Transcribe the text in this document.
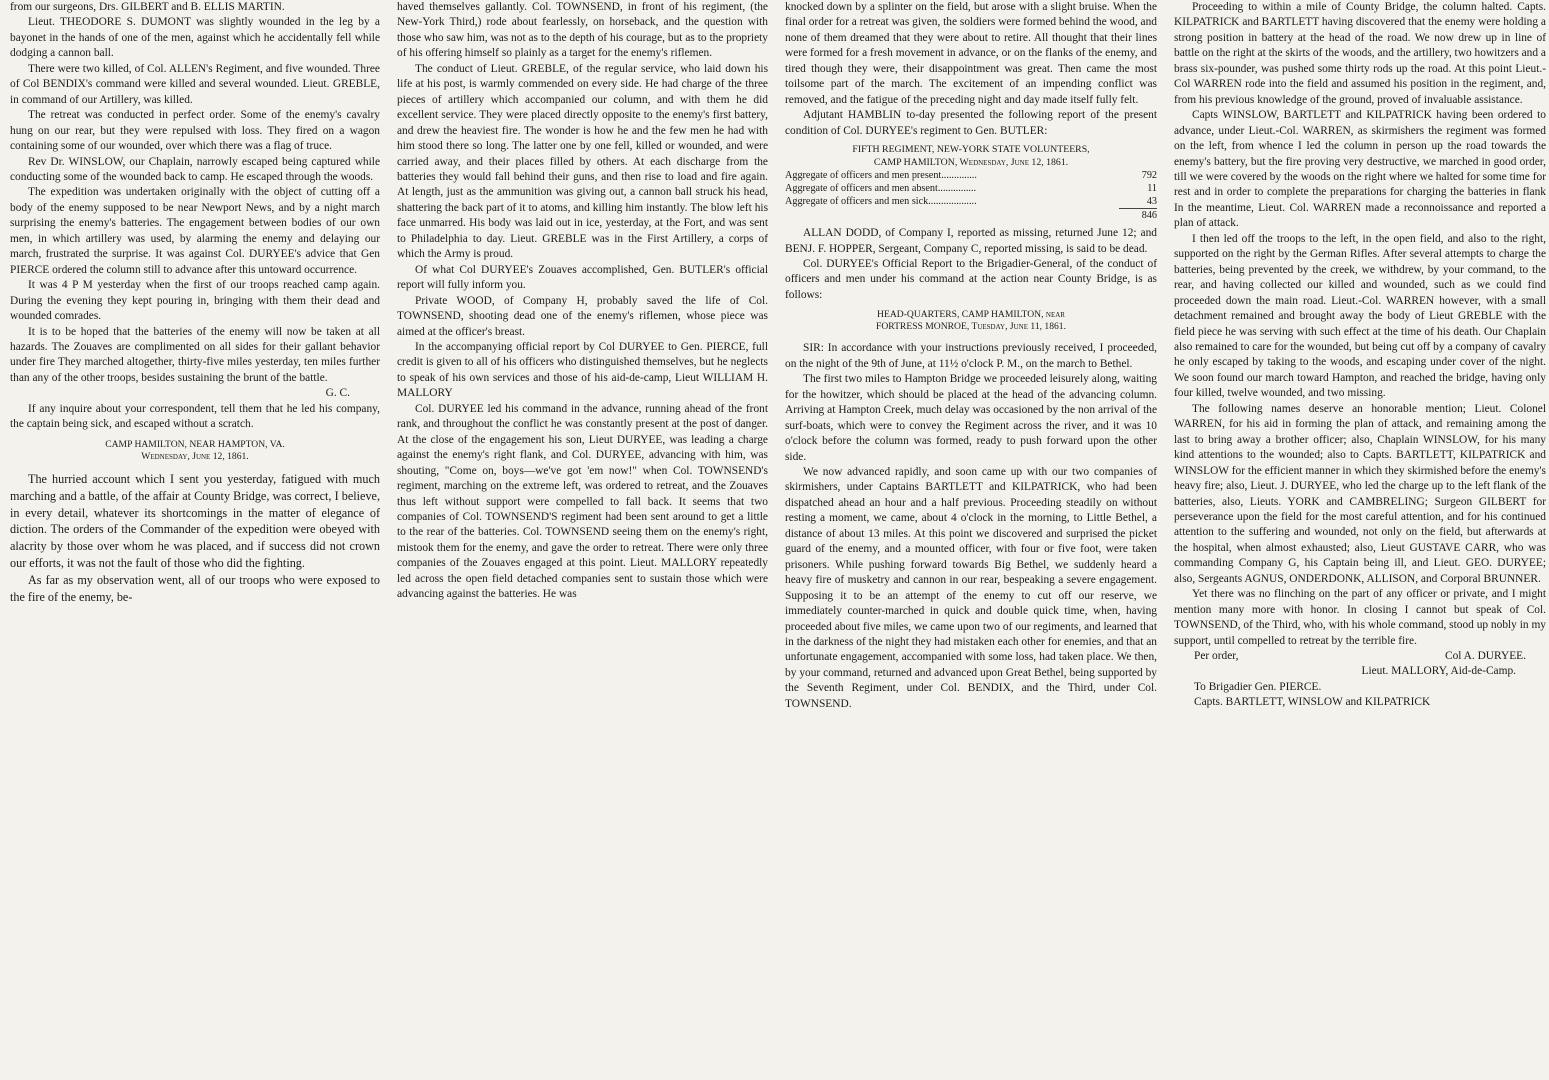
from our surgeons, Drs. GILBERT and B. ELLIS MARTIN.

Lieut. THEODORE S. DUMONT was slightly wounded in the leg by a bayonet in the hands of one of the men, against which he accidentally fell while dodging a cannon ball.

There were two killed, of Col. ALLEN's Regiment, and five wounded. Three of Col BENDIX's command were killed and several wounded. Lieut. GREBLE, in command of our Artillery, was killed.

The retreat was conducted in perfect order. Some of the enemy's cavalry hung on our rear, but they were repulsed with loss. They fired on a wagon containing some of our wounded, over which there was a flag of truce.

Rev Dr. WINSLOW, our Chaplain, narrowly escaped being captured while conducting some of the wounded back to camp. He escaped through the woods.

The expedition was undertaken originally with the object of cutting off a body of the enemy supposed to be near Newport News, and by a night march surprising the enemy's batteries. The engagement between bodies of our own men, in which artillery was used, by alarming the enemy and delaying our march, frustrated the surprise. It was against Col. DURYEE's advice that Gen PIERCE ordered the column still to advance after this untoward occurrence.

It was 4 P M yesterday when the first of our troops reached camp again. During the evening they kept pouring in, bringing with them their dead and wounded comrades.

It is to be hoped that the batteries of the enemy will now be taken at all hazards. The Zouaves are complimented on all sides for their gallant behavior under fire They marched altogether, thirty-five miles yesterday, ten miles further than any of the other troops, besides sustaining the brunt of the battle.

G. C.

If any inquire about your correspondent, tell them that he led his company, the captain being sick, and escaped without a scratch.

CAMP HAMILTON, NEAR HAMPTON, VA.
Wednesday, June 12, 1861.

The hurried account which I sent you yesterday, fatigued with much marching and a battle, of the affair at County Bridge, was correct, I believe, in every detail, whatever its shortcomings in the matter of elegance of diction. The orders of the Commander of the expedition were obeyed with alacrity by those over whom he was placed, and if success did not crown our efforts, it was not the fault of those who did the fighting.

As far as my observation went, all of our troops who were exposed to the fire of the enemy, be-

haved themselves gallantly. Col. TOWNSEND, in front of his regiment, (the New-York Third,) rode about fearlessly, on horseback, and the question with those who saw him, was not as to the depth of his courage, but as to the propriety of his offering himself so plainly as a target for the enemy's riflemen.

The conduct of Lieut. GREBLE, of the regular service, who laid down his life at his post, is warmly commended on every side. He had charge of the three pieces of artillery which accompanied our column, and with them he did excellent service. They were placed directly opposite to the enemy's first battery, and drew the heaviest fire. The wonder is how he and the few men he had with him stood there so long. The latter one by one fell, killed or wounded, and were carried away, and their places filled by others. At each discharge from the batteries they would fall behind their guns, and then rise to load and fire again. At length, just as the ammunition was giving out, a cannon ball struck his head, shattering the back part of it to atoms, and killing him instantly. The blow left his face unmarred. His body was laid out in ice, yesterday, at the Fort, and was sent to Philadelphia to day. Lieut. GREBLE was in the First Artillery, a corps of which the Army is proud.

Of what Col DURYEE's Zouaves accomplished, Gen. BUTLER's official report will fully inform you.

Private WOOD, of Company H, probably saved the life of Col. TOWNSEND, shooting dead one of the enemy's riflemen, whose piece was aimed at the officer's breast.

In the accompanying official report by Col DURYEE to Gen. PIERCE, full credit is given to all of his officers who distinguished themselves, but he neglects to speak of his own services and those of his aid-de-camp, Lieut WILLIAM H. MALLORY

Col. DURYEE led his command in the advance, running ahead of the front rank, and throughout the conflict he was constantly present at the post of danger. At the close of the engagement his son, Lieut DURYEE, was leading a charge against the enemy's right flank, and Col. DURYEE, advancing with him, was shouting, "Come on, boys—we've got 'em now!" when Col. TOWNSEND's regiment, marching on the extreme left, was ordered to retreat, and the Zouaves thus left without support were compelled to fall back. It seems that two companies of Col. TOWNSEND'S regiment had been sent around to get a little to the rear of the batteries. Col. TOWNSEND seeing them on the enemy's right, mistook them for the enemy, and gave the order to retreat. There were only three companies of the Zouaves engaged at this point. Lieut. MALLORY repeatedly led across the open field detached companies sent to sustain those which were advancing against the batteries. He was

knocked down by a splinter on the field, but arose with a slight bruise. When the final order for a retreat was given, the soldiers were formed behind the wood, and none of them dreamed that they were about to retire. All thought that their lines were formed for a fresh movement in advance, or on the flanks of the enemy, and tired though they were, their disappointment was great. Then came the most toilsome part of the march. The excitement of an impending conflict was removed, and the fatigue of the preceding night and day made itself fully felt.

Adjutant HAMBLIN to-day presented the following report of the present condition of Col. DURYEE's regiment to Gen. BUTLER:

FIFTH REGIMENT, NEW-YORK STATE VOLUNTEERS,
CAMP HAMILTON, Wednesday, June 12, 1861.
Aggregate of officers and men present..............	792
Aggregate of officers and men absent...............	11
Aggregate of officers and men sick...................	43
846

ALLAN DODD, of Company I, reported as missing, returned June 12; and BENJ. F. HOPPER, Sergeant, Company C, reported missing, is said to be dead.

Col. DURYEE's Official Report to the Brigadier-General, of the conduct of officers and men under his command at the action near County Bridge, is as follows:

HEAD-QUARTERS, CAMP HAMILTON, near
FORTRESS MONROE, Tuesday, June 11, 1861.

SIR: In accordance with your instructions previously received, I proceeded, on the night of the 9th of June, at 11½ o'clock P. M., on the march to Bethel.

The first two miles to Hampton Bridge we proceeded leisurely along, waiting for the howitzer, which should be placed at the head of the advancing column. Arriving at Hampton Creek, much delay was occasioned by the non arrival of the surf-boats, which were to convey the Regiment across the river, and it was 10 o'clock before the column was formed, ready to push forward upon the other side.

We now advanced rapidly, and soon came up with our two companies of skirmishers, under Captains BARTLETT and KILPATRICK, who had been dispatched ahead an hour and a half previous. Proceeding steadily on without resting a moment, we came, about 4 o'clock in the morning, to Little Bethel, a distance of about 13 miles. At this point we discovered and surprised the picket guard of the enemy, and a mounted officer, with four or five foot, were taken prisoners. While pushing forward towards Big Bethel, we suddenly heard a heavy fire of musketry and cannon in our rear, bespeaking a severe engagement. Supposing it to be an attempt of the enemy to cut off our reserve, we immediately counter-marched in quick and double quick time, when, having proceeded about five miles, we came upon two of our regiments, and learned that in the darkness of the night they had mistaken each other for enemies, and that an unfortunate engagement, accompanied with some loss, had taken place. We then, by your command, returned and advanced upon Great Bethel, being supported by the Seventh Regiment, under Col. BENDIX, and the Third, under Col. TOWNSEND.

Proceeding to within a mile of County Bridge, the column halted. Capts. KILPATRICK and BARTLETT having discovered that the enemy were holding a strong position in battery at the head of the road. We now drew up in line of battle on the right at the skirts of the woods, and the artillery, two howitzers and a brass six-pounder, was pushed some thirty rods up the road. At this point Lieut.-Col WARREN rode into the field and assumed his position in the regiment, and, from his previous knowledge of the ground, proved of invaluable assistance.

Capts WINSLOW, BARTLETT and KILPATRICK having been ordered to advance, under Lieut.-Col. WARREN, as skirmishers the regiment was formed on the left, from whence I led the column in person up the road towards the enemy's battery, but the fire proving very destructive, we marched in good order, till we were covered by the woods on the right where we halted for some time for rest and in order to complete the preparations for charging the batteries in flank In the meantime, Lieut. Col. WARREN made a reconnoissance and reported a plan of attack.

I then led off the troops to the left, in the open field, and also to the right, supported on the right by the German Rifles. After several attempts to charge the batteries, being prevented by the creek, we withdrew, by your command, to the rear, and having collected our killed and wounded, such as we could find proceeded down the main road. Lieut.-Col. WARREN however, with a small detachment remained and brought away the body of Lieut GREBLE with the field piece he was serving with such effect at the time of his death. Our Chaplain also remained to care for the wounded, but being cut off by a company of cavalry he only escaped by taking to the woods, and escaping under cover of the night. We soon found our march toward Hampton, and reached the bridge, having only four killed, twelve wounded, and two missing.

The following names deserve an honorable mention; Lieut. Colonel WARREN, for his aid in forming the plan of attack, and remaining among the last to bring away a brother officer; also, Chaplain WINSLOW, for his many kind attentions to the wounded; also to Capts. BARTLETT, KILPATRICK and WINSLOW for the efficient manner in which they skirmished before the enemy's heavy fire; also, Lieut. J. DURYEE, who led the charge up to the left flank of the batteries, also, Lieuts. YORK and CAMBRELING; Surgeon GILBERT for perseverance upon the field for the most careful attention, and for his continued attention to the suffering and wounded, not only on the field, but afterwards at the hospital, when almost exhausted; also, Lieut GUSTAVE CARR, who was commanding Company G, his Captain being ill, and Lieut. GEO. DURYEE; also, Sergeants AGNUS, ONDERDONK, ALLISON, and Corporal BRUNNER.

Yet there was no flinching on the part of any officer or private, and I might mention many more with honor. In closing I cannot but speak of Col. TOWNSEND, of the Third, who, with his whole command, stood up nobly in my support, until compelled to retreat by the terrible fire.

Per order,	Col A. DURYEE.
Lieut. MALLORY, Aid-de-Camp.
To Brigadier Gen. PIERCE.
Capts. BARTLETT, WINSLOW and KILPATRICK
